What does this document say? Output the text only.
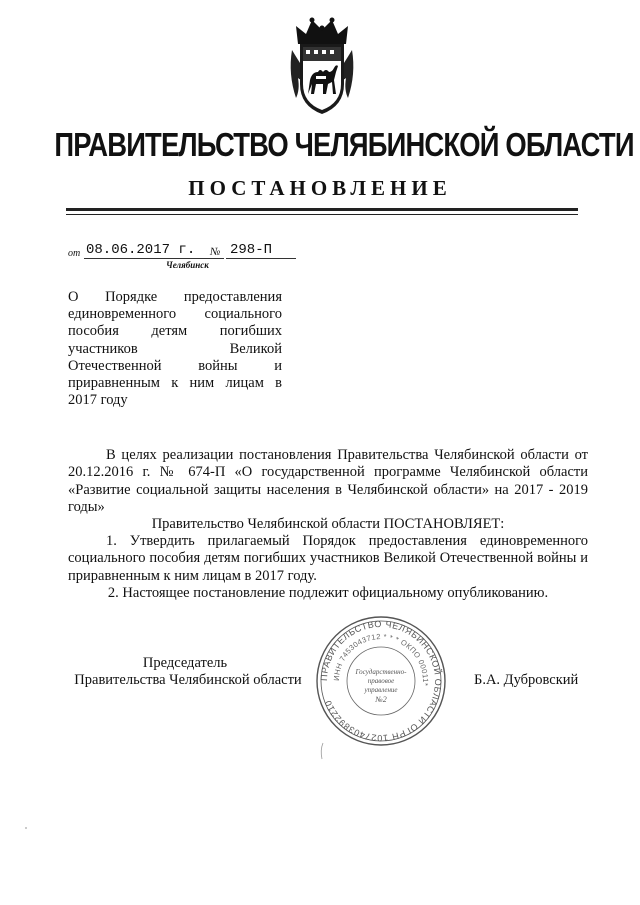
ПРАВИТЕЛЬСТВО ЧЕЛЯБИНСКОЙ ОБЛАСТИ
ПОСТАНОВЛЕНИЕ
от 08.06.2017 г. № 298-П
Челябинск
О Порядке предоставления единовременного социального пособия детям погибших участников Великой Отечественной войны и приравненным к ним лицам в 2017 году
В целях реализации постановления Правительства Челябинской области от 20.12.2016 г. № 674-П «О государственной программе Челябинской области «Развитие социальной защиты населения в Челябинской области» на 2017 - 2019 годы»
Правительство Челябинской области ПОСТАНОВЛЯЕТ:
1. Утвердить прилагаемый Порядок предоставления единовременного социального пособия детям погибших участников Великой Отечественной войны и приравненным к ним лицам в 2017 году.
2. Настоящее постановление подлежит официальному опубликованию.
ПРАВИТЕЛЬСТВО ЧЕЛЯБИНСКОЙ ОБЛАСТИ ОГРН 1027403892210
ИНН 7453043712 * * * ОКПО 00011*
Государственно-
правовое
управление
№2
Председатель
Правительства Челябинской области	Б.А. Дубровский
